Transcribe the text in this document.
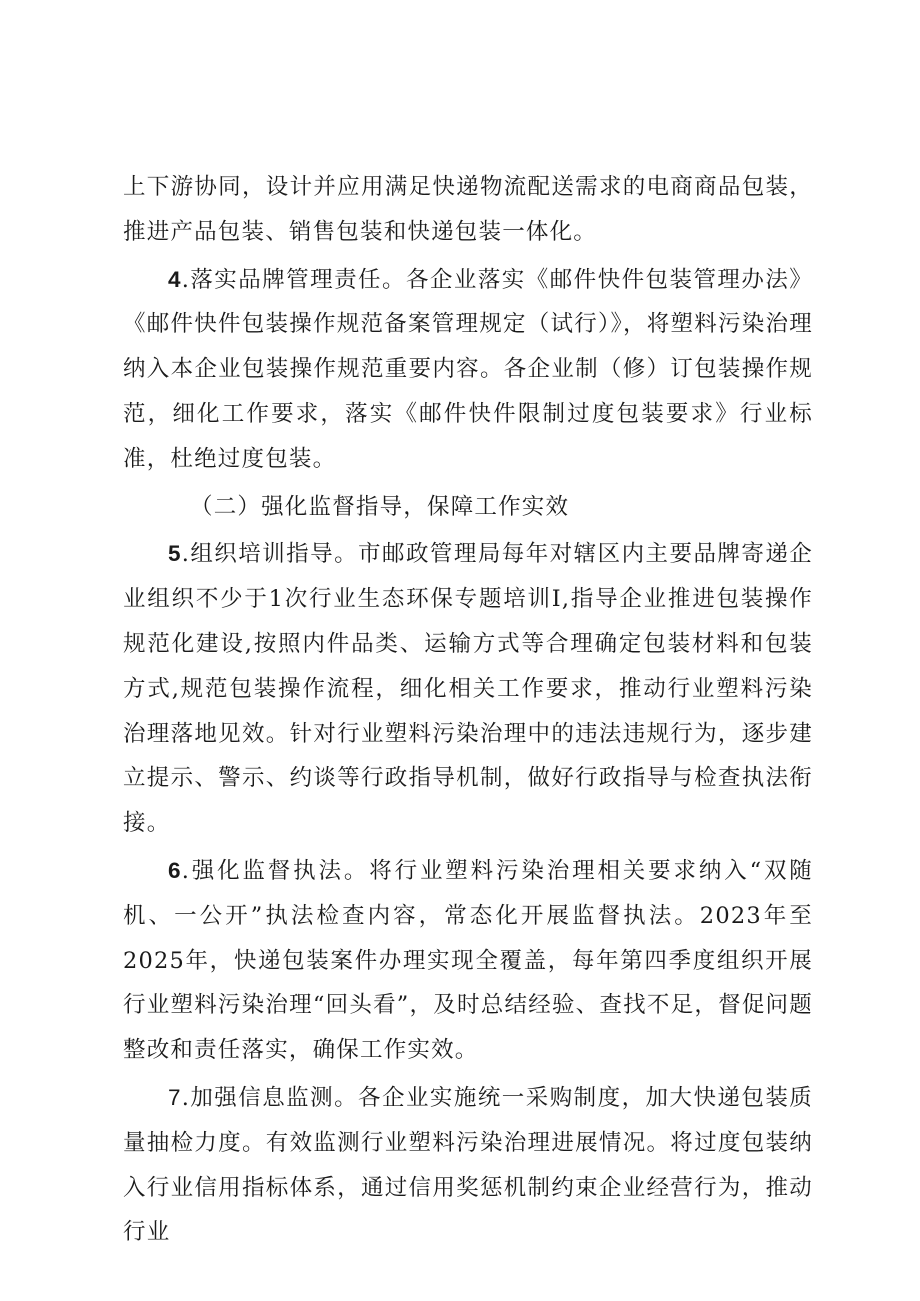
上下游协同，设计并应用满足快递物流配送需求的电商商品包装，推进产品包装、销售包装和快递包装一体化。

4.落实品牌管理责任。各企业落实《邮件快件包装管理办法》《邮件快件包装操作规范备案管理规定（试行）》，将塑料污染治理纳入本企业包装操作规范重要内容。各企业制（修）订包装操作规范，细化工作要求，落实《邮件快件限制过度包装要求》行业标准，杜绝过度包装。

（二）强化监督指导，保障工作实效

5.组织培训指导。市邮政管理局每年对辖区内主要品牌寄递企业组织不少于1次行业生态环保专题培训I,指导企业推进包装操作规范化建设,按照内件品类、运输方式等合理确定包装材料和包装方式,规范包装操作流程，细化相关工作要求，推动行业塑料污染治理落地见效。针对行业塑料污染治理中的违法违规行为，逐步建立提示、警示、约谈等行政指导机制，做好行政指导与检查执法衔接。

6.强化监督执法。将行业塑料污染治理相关要求纳入“双随机、一公开”执法检查内容，常态化开展监督执法。2023年至2025年，快递包装案件办理实现全覆盖，每年第四季度组织开展行业塑料污染治理“回头看”，及时总结经验、查找不足，督促问题整改和责任落实，确保工作实效。

7.加强信息监测。各企业实施统一采购制度，加大快递包装质量抽检力度。有效监测行业塑料污染治理进展情况。将过度包装纳入行业信用指标体系，通过信用奖惩机制约束企业经营行为，推动行业
